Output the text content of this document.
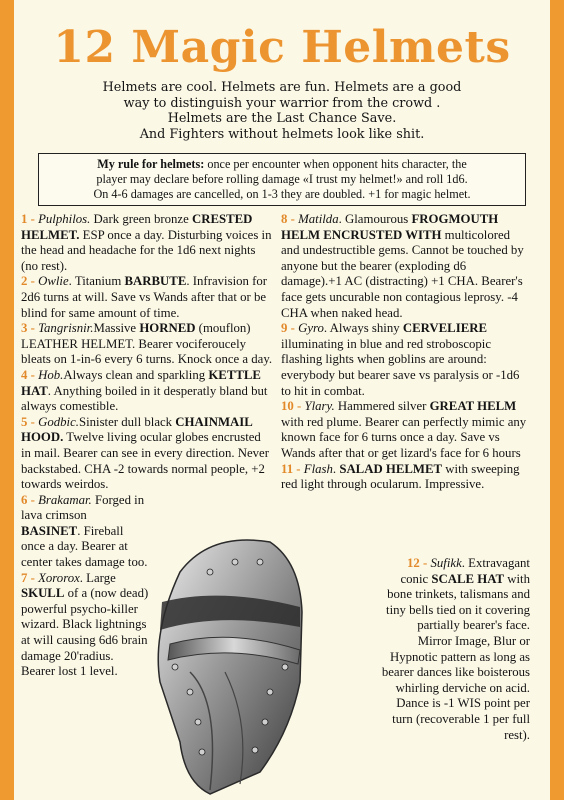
12 Magic Helmets
Helmets are cool. Helmets are fun. Helmets are a good
way to distinguish your warrior from the crowd .
Helmets are the Last Chance Save.
And Fighters without helmets look like shit.
My rule for helmets: once per encounter when opponent hits character, the
player may declare before rolling damage «I trust my helmet!» and roll 1d6.
On 4-6 damages are cancelled, on 1-3 they are doubled. +1 for magic helmet.

1 - Pulphilos. Dark green bronze CRESTED HELMET. ESP once a day. Disturbing voices in the head and headache for the 1d6 next nights (no rest).

2 - Owlie. Titanium BARBUTE. Infravision for 2d6 turns at will. Save vs Wands after that or be blind for same amount of time.

3 - Tangrisnir.Massive HORNED (mouflon) LEATHER HELMET. Bearer vociferoucely bleats on 1-in-6 every 6 turns. Knock once a day.

4 - Hob.Always clean and sparkling KETTLE HAT. Anything boiled in it desperatly bland but always comestible.

5 - Godbic.Sinister dull black CHAINMAIL HOOD. Twelve living ocular globes encrusted in mail. Bearer can see in every direction. Never backstabed. CHA -2 towards normal people, +2 towards weirdos.

6 - Brakamar. Forged in lava crimson BASINET. Fireball once a day. Bearer at center takes damage too.

7 - Xororox. Large SKULL of a (now dead) powerful psycho-killer wizard. Black lightnings at will causing 6d6 brain damage 20'radius. Bearer lost 1 level.

8 - Matilda. Glamourous FROGMOUTH HELM ENCRUSTED WITH multicolored and undestructible gems. Cannot be touched by anyone but the bearer (exploding d6 damage).+1 AC (distracting) +1 CHA. Bearer's face gets uncurable non contagious leprosy. -4 CHA when naked head.

9 - Gyro. Always shiny CERVELIERE illuminating in blue and red stroboscopic flashing lights when goblins are around: everybody but bearer save vs paralysis or -1d6 to hit in combat.

10 - Ylary. Hammered silver GREAT HELM with red plume. Bearer can perfectly mimic any known face for 6 turns once a day. Save vs Wands after that or get lizard's face for 6 hours

11 - Flash. SALAD HELMET with sweeping red light through ocularum. Impressive.

12 - Sufikk. Extravagant conic SCALE HAT with bone trinkets, talismans and tiny bells tied on it covering partially bearer's face. Mirror Image, Blur or Hypnotic pattern as long as bearer dances like boisterous whirling derviche on acid. Dance is -1 WIS point per turn (recoverable 1 per full rest).
